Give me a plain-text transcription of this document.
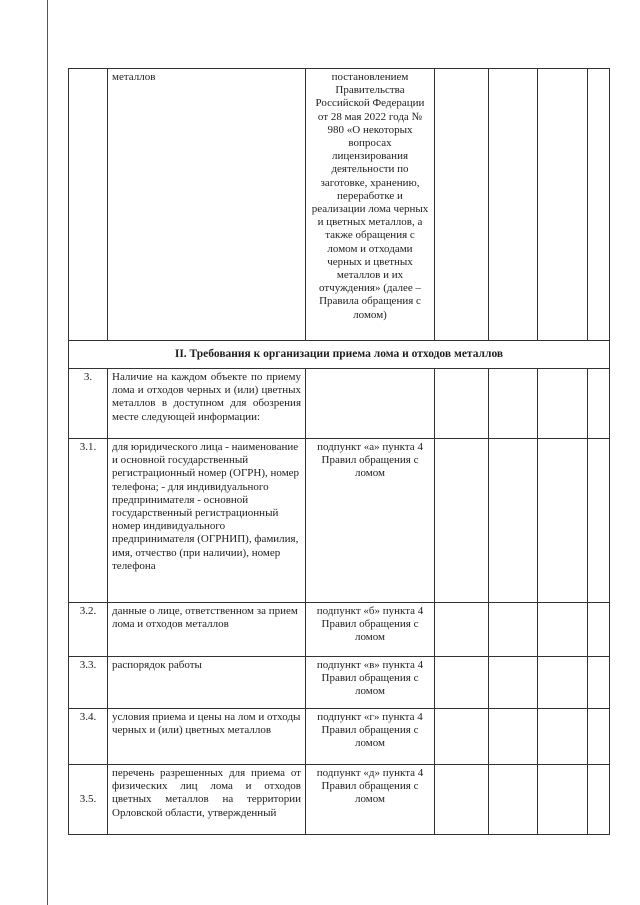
	металлов	постановлением Правительства Российской Федерации от 28 мая 2022 года № 980 «О некоторых вопросах лицензирования деятельности по заготовке, хранению, переработке и реализации лома черных и цветных металлов, а также обращения с ломом и отходами черных и цветных металлов и их отчуждения» (далее – Правила обращения с ломом)				
II. Требования к организации приема лома и отходов металлов						
3.	Наличие на каждом объекте по приему лома и отходов черных и (или) цветных металлов в доступном для обозрения месте следующей информации:					
3.1.	для юридического лица - наименование и основной государственный регистрационный номер (ОГРН), номер телефона; - для индивидуального предпринимателя - основной государственный регистрационный номер индивидуального предпринимателя (ОГРНИП), фамилия, имя, отчество (при наличии), номер телефона	подпункт «а» пункта 4 Правил обращения с ломом				
3.2.	данные о лице, ответственном за прием лома и отходов металлов	подпункт «б» пункта 4 Правил обращения с ломом				
3.3.	распорядок работы	подпункт «в» пункта 4 Правил обращения с ломом				
3.4.	условия приема и цены на лом и отходы черных и (или) цветных металлов	подпункт «г» пункта 4 Правил обращения с ломом				
3.5.	перечень разрешенных для приема от физических лиц лома и отходов цветных металлов на территории Орловской области, утвержденный	подпункт «д» пункта 4 Правил обращения с ломом				
